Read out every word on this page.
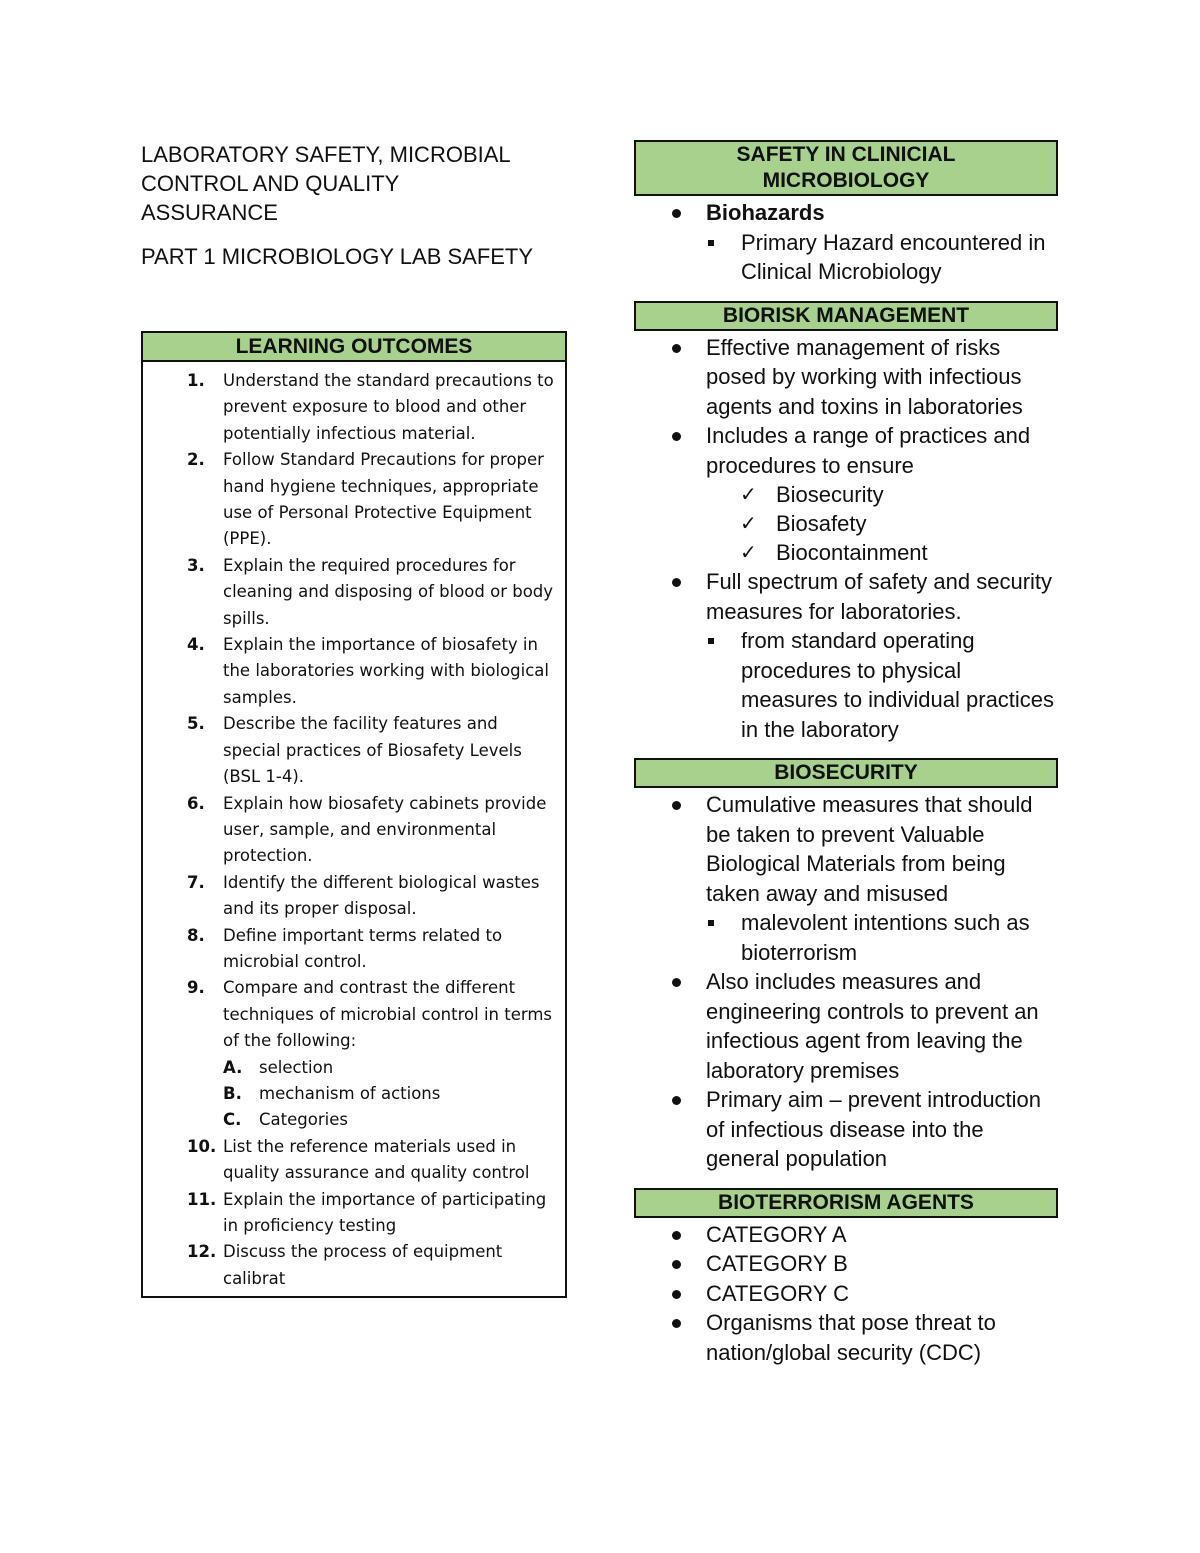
LABORATORY SAFETY, MICROBIAL
CONTROL AND QUALITY
ASSURANCE

PART 1 MICROBIOLOGY LAB SAFETY

LEARNING OUTCOMES
1.	Understand the standard precautions to prevent exposure to blood and other potentially infectious material.
2.	Follow Standard Precautions for proper hand hygiene techniques, appropriate use of Personal Protective Equipment (PPE).
3.	Explain the required procedures for cleaning and disposing of blood or body spills.
4.	Explain the importance of biosafety in the laboratories working with biological samples.
5.	Describe the facility features and special practices of Biosafety Levels (BSL 1-4).
6.	Explain how biosafety cabinets provide user, sample, and environmental protection.
7.	Identify the different biological wastes and its proper disposal.
8.	Define important terms related to microbial control.
9.	Compare and contrast the different techniques of microbial control in terms of the following:
A. selection
B. mechanism of actions
C. Categories
10. List the reference materials used in quality assurance and quality control
11. Explain the importance of participating in proficiency testing
12. Discuss the process of equipment calibrat
SAFETY IN CLINICIAL
MICROBIOLOGY
Biohazards
Primary Hazard encountered in Clinical Microbiology
BIORISK MANAGEMENT
Effective management of risks posed by working with infectious agents and toxins in laboratories
Includes a range of practices and procedures to ensure
✓ Biosecurity
✓ Biosafety
✓ Biocontainment
Full spectrum of safety and security measures for laboratories.
from standard operating procedures to physical measures to individual practices in the laboratory
BIOSECURITY
Cumulative measures that should be taken to prevent Valuable Biological Materials from being taken away and misused
malevolent intentions such as bioterrorism
Also includes measures and engineering controls to prevent an infectious agent from leaving the laboratory premises
Primary aim – prevent introduction of infectious disease into the general population
BIOTERRORISM AGENTS
CATEGORY A
CATEGORY B
CATEGORY C
Organisms that pose threat to nation/global security (CDC)
